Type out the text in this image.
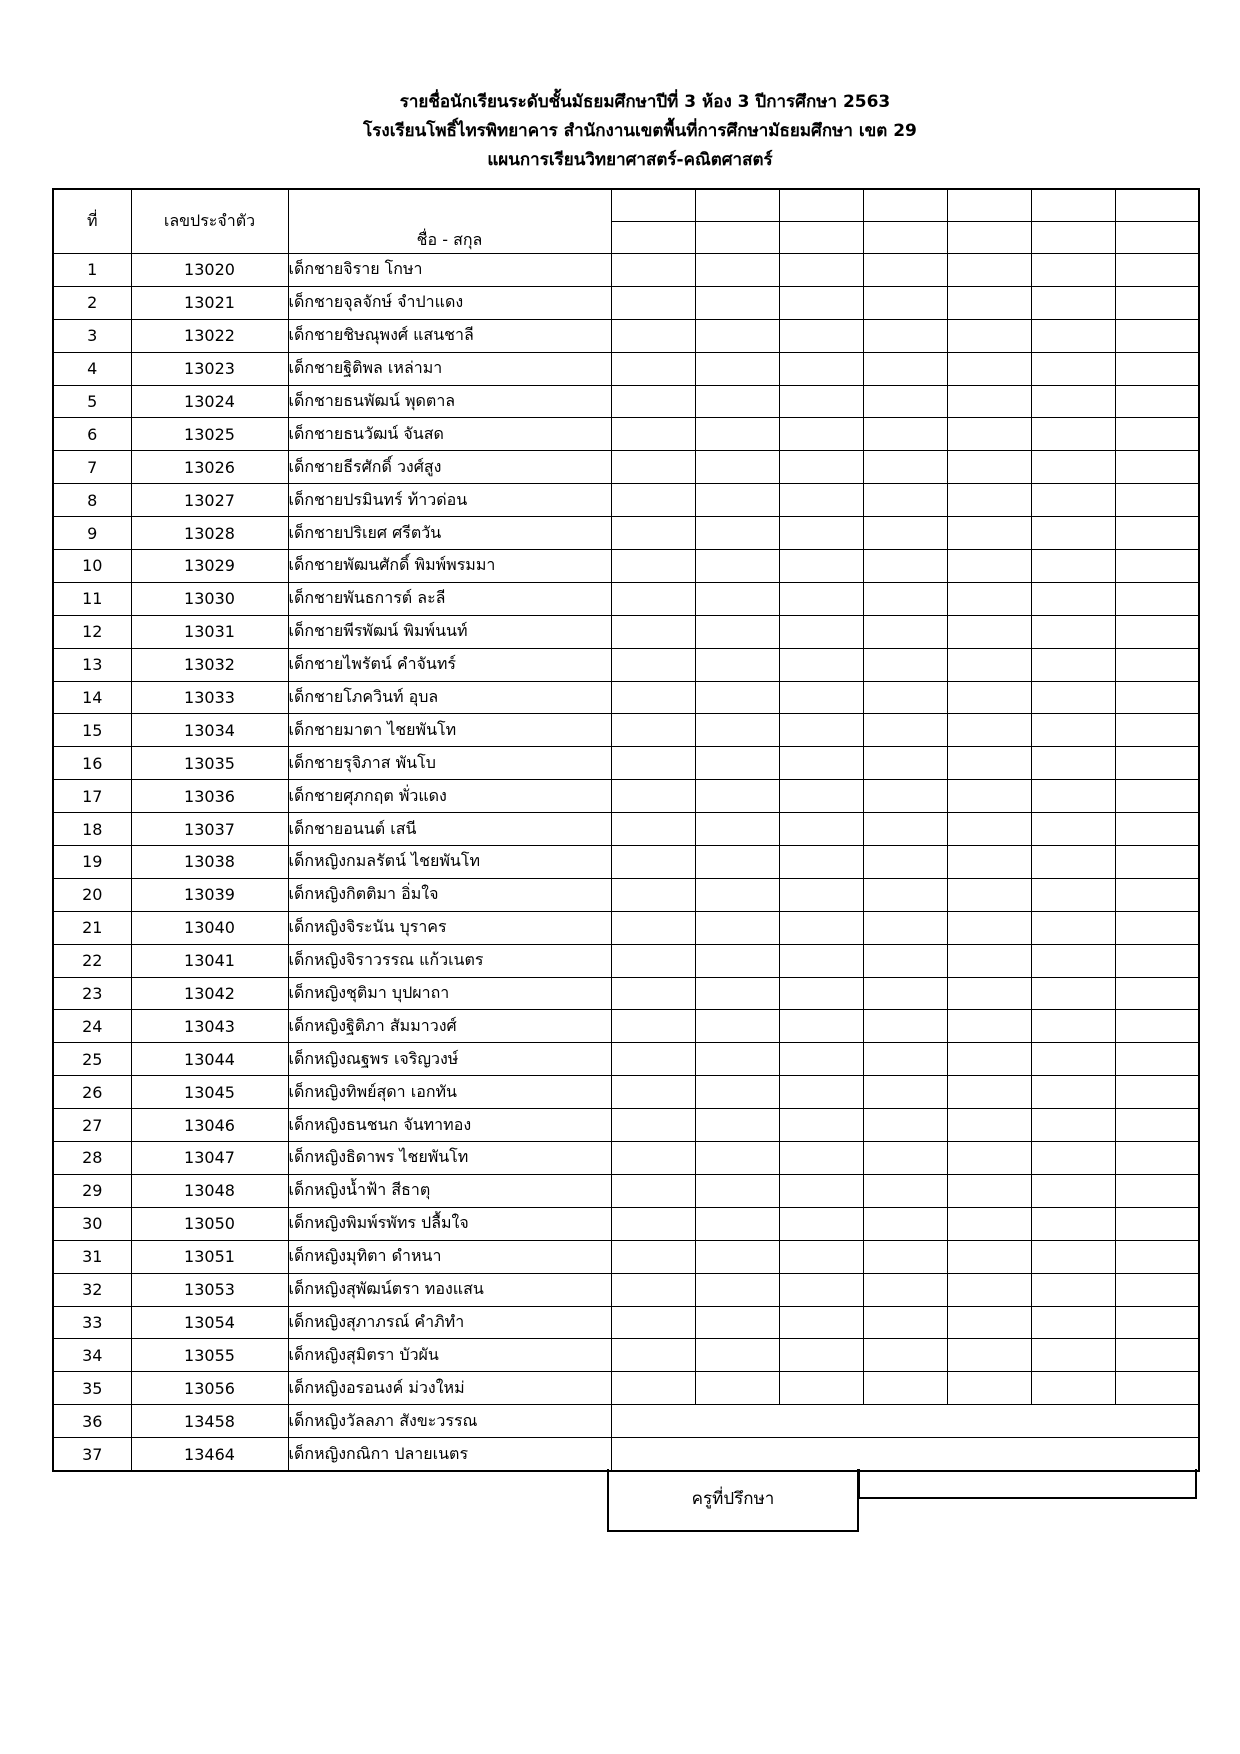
รายชื่อนักเรียนระดับชั้นมัธยมศึกษาปีที่ 3 ห้อง 3 ปีการศึกษา 2563
โรงเรียนโพธิ์ไทรพิทยาคาร สำนักงานเขตพื้นที่การศึกษามัธยมศึกษา เขต 29
แผนการเรียนวิทยาศาสตร์-คณิตศาสตร์
ที่	เลขประจำตัว	ชื่อ - สกุล							

1	13020	เด็กชายจิราย โกษา							
2	13021	เด็กชายจุลจักษ์ จำปาแดง							
3	13022	เด็กชายชิษณุพงศ์ แสนชาลี							
4	13023	เด็กชายฐิติพล เหล่ามา							
5	13024	เด็กชายธนพัฒน์ พุดตาล							
6	13025	เด็กชายธนวัฒน์ จันสด							
7	13026	เด็กชายธีรศักดิ์ วงศ์สูง							
8	13027	เด็กชายปรมินทร์ ท้าวด่อน							
9	13028	เด็กชายปริเยศ ศรีตวัน							
10	13029	เด็กชายพัฒนศักดิ์ พิมพ์พรมมา							
11	13030	เด็กชายพันธการต์ ละลี							
12	13031	เด็กชายพีรพัฒน์ พิมพ์นนท์							
13	13032	เด็กชายไพรัตน์ คำจันทร์							
14	13033	เด็กชายโภควินท์ อุบล							
15	13034	เด็กชายมาตา ไชยพันโท							
16	13035	เด็กชายรุจิภาส พันโบ							
17	13036	เด็กชายศุภกฤต พั่วแดง							
18	13037	เด็กชายอนนต์ เสนี							
19	13038	เด็กหญิงกมลรัตน์ ไชยพันโท							
20	13039	เด็กหญิงกิตติมา อิ่มใจ							
21	13040	เด็กหญิงจิระนัน บุราคร							
22	13041	เด็กหญิงจิราวรรณ แก้วเนตร							
23	13042	เด็กหญิงชุติมา บุปผาถา							
24	13043	เด็กหญิงฐิติภา สัมมาวงศ์							
25	13044	เด็กหญิงณฐพร เจริญวงษ์							
26	13045	เด็กหญิงทิพย์สุดา เอกทัน							
27	13046	เด็กหญิงธนชนก จันทาทอง							
28	13047	เด็กหญิงธิดาพร ไชยพันโท							
29	13048	เด็กหญิงน้ำฟ้า สีธาตุ							
30	13050	เด็กหญิงพิมพ์รพัทร ปลื้มใจ							
31	13051	เด็กหญิงมุทิตา ดำหนา							
32	13053	เด็กหญิงสุพัฒน์ตรา ทองแสน							
33	13054	เด็กหญิงสุภาภรณ์ คำภิทำ							
34	13055	เด็กหญิงสุมิตรา บัวผัน							
35	13056	เด็กหญิงอรอนงค์ ม่วงใหม่							
36	13458	เด็กหญิงวัลลภา สังขะวรรณ							
37	13464	เด็กหญิงกณิกา ปลายเนตร							
ครูที่ปรึกษา
